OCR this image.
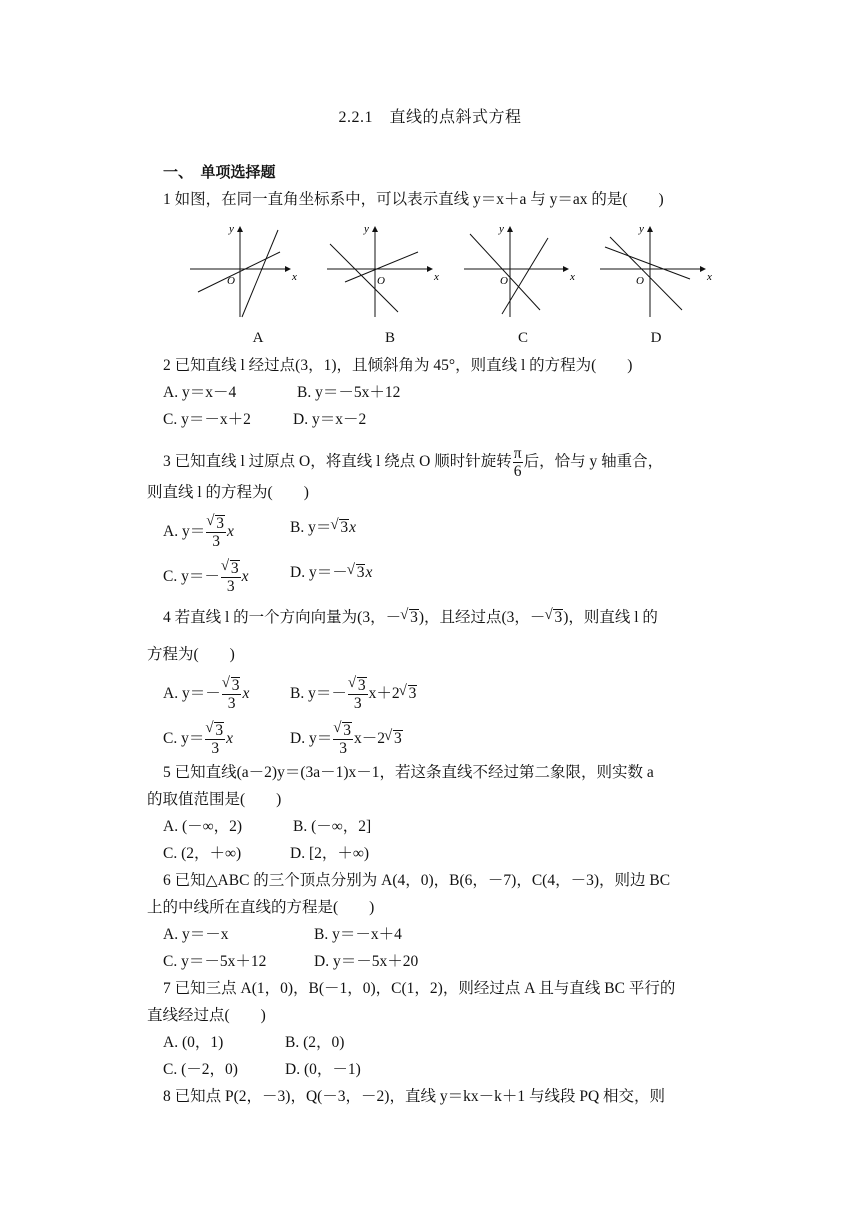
2.2.1　直线的点斜式方程
一、　单项选择题
1 如图，在同一直角坐标系中，可以表示直线 y＝x＋a 与 y＝ax 的是(　　)
x
y
O	x
y
O	x
y
O	x
y
O
A	B	C	D
2 已知直线 l 经过点(3，1)，且倾斜角为 45°，则直线 l 的方程为(　　)
A. y＝x－4	B. y＝－5x＋12
C. y＝－x＋2	D. y＝x－2
3 已知直线 l 过原点 O，将直线 l 绕点 O 顺时针旋转 $\frac{\pi}{6}$ 后，恰与 y 轴重合，
则直线 l 的方程为(　　)
A. y＝
√ $\frac{3}{3}$ x	B. y＝√ 3x
C. y＝－
√ $\frac{3}{3}$ x	D. y＝－√ 3x
4 若直线 l 的一个方向向量为(3，－√ 3)，且经过点(3，－√ 3)，则直线 l 的
方程为(　　)
A. y＝－
√ $\frac{3}{3}$ x	B. y＝－
√ $\frac{3}{3} x+2√$ 3
C. y＝
√ $\frac{3}{3}$ x	D. y＝
√ $\frac{3}{3} x-2√$ 3
5 已知直线(a－2)y＝(3a－1)x－1，若这条直线不经过第二象限，则实数 a
的取值范围是(　　)
A. (－∞，2)	B. (－∞，2]
C. (2，＋∞)	D. [2，＋∞)
6 已知△ABC 的三个顶点分别为 A(4，0)，B(6，－7)，C(4，－3)，则边 BC
上的中线所在直线的方程是(　　)
A. y＝－x	B. y＝－x＋4
C. y＝－5x＋12	D. y＝－5x＋20
7 已知三点 A(1，0)，B(－1，0)，C(1，2)，则经过点 A 且与直线 BC 平行的
直线经过点(　　)
A. (0，1)	B. (2，0)
C. (－2，0)	D. (0，－1)
8 已知点 P(2，－3)，Q(－3，－2)，直线 y＝kx－k＋1 与线段 PQ 相交，则
